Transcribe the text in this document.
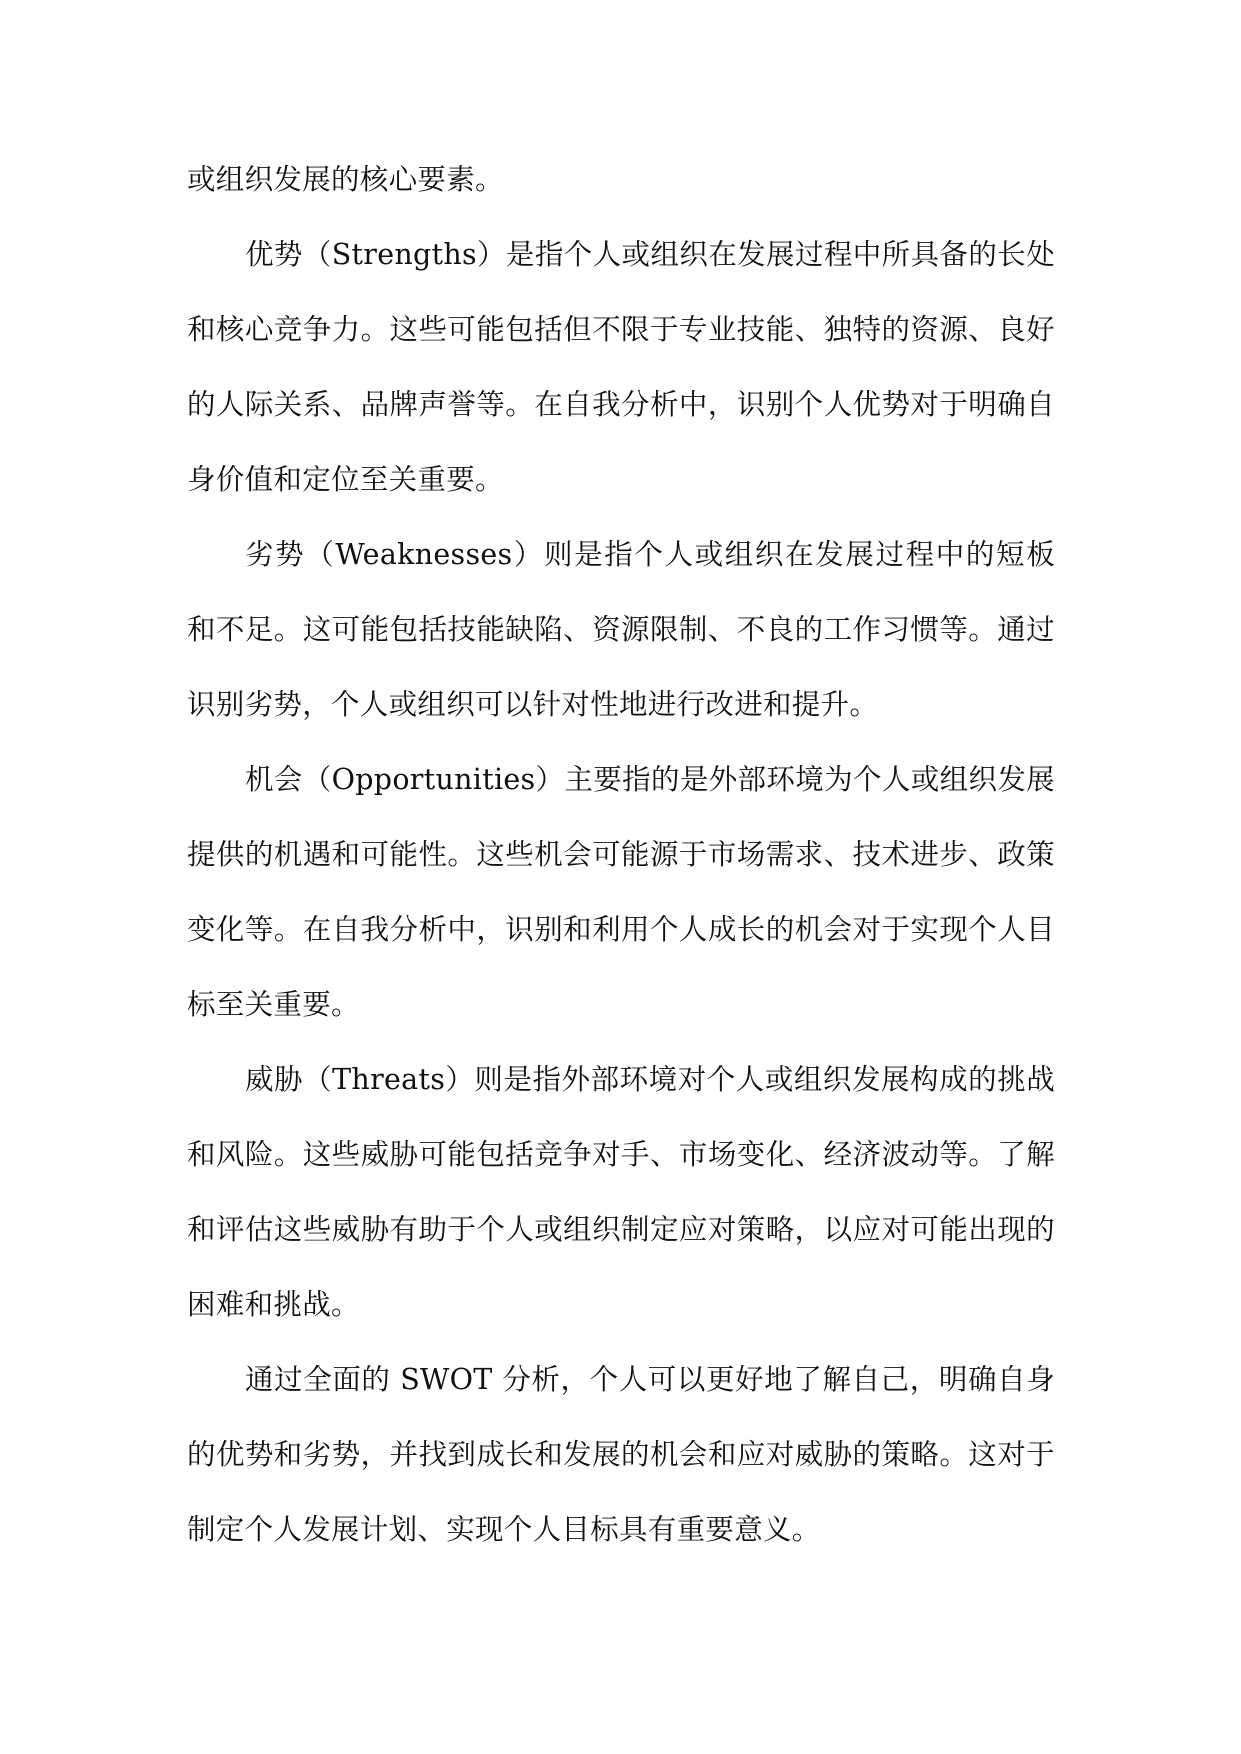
或组织发展的核心要素。

优势（Strengths）是指个人或组织在发展过程中所具备的长处和核心竞争力。这些可能包括但不限于专业技能、独特的资源、良好的人际关系、品牌声誉等。在自我分析中，识别个人优势对于明确自身价值和定位至关重要。

劣势（Weaknesses）则是指个人或组织在发展过程中的短板和不足。这可能包括技能缺陷、资源限制、不良的工作习惯等。通过识别劣势，个人或组织可以针对性地进行改进和提升。

机会（Opportunities）主要指的是外部环境为个人或组织发展提供的机遇和可能性。这些机会可能源于市场需求、技术进步、政策变化等。在自我分析中，识别和利用个人成长的机会对于实现个人目标至关重要。

威胁（Threats）则是指外部环境对个人或组织发展构成的挑战和风险。这些威胁可能包括竞争对手、市场变化、经济波动等。了解和评估这些威胁有助于个人或组织制定应对策略，以应对可能出现的困难和挑战。

通过全面的 SWOT 分析，个人可以更好地了解自己，明确自身的优势和劣势，并找到成长和发展的机会和应对威胁的策略。这对于制定个人发展计划、实现个人目标具有重要意义。
